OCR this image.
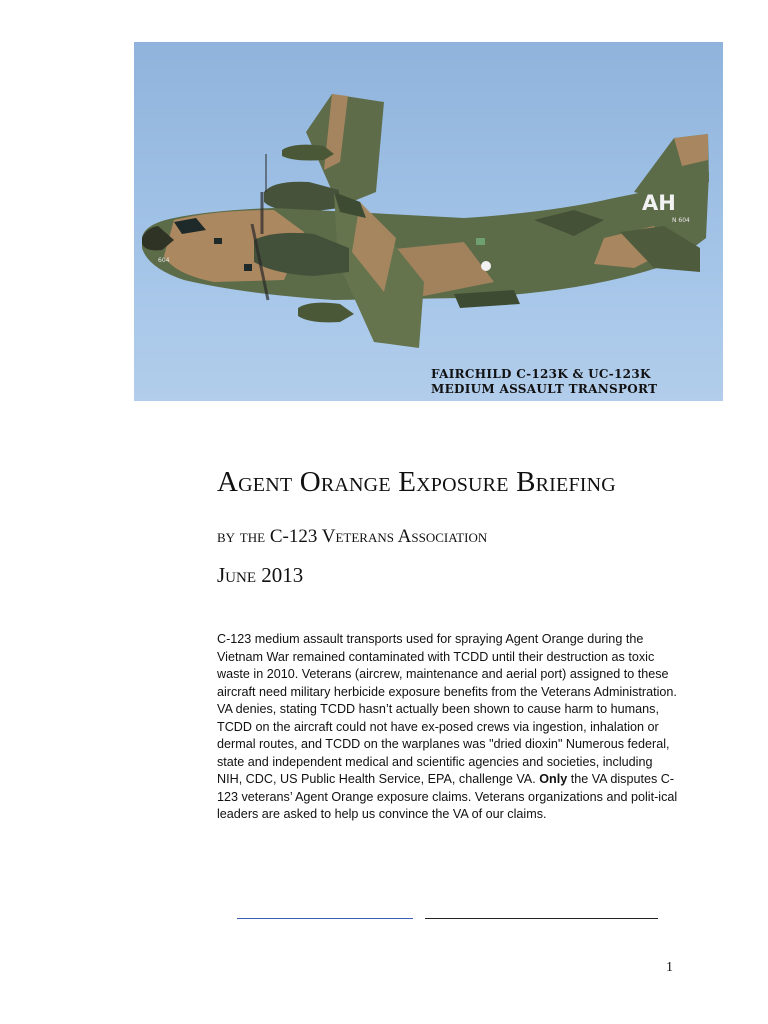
AH
N 604
604
FAIRCHILD C-123K & UC-123K
MEDIUM ASSAULT TRANSPORT
Agent Orange Exposure Briefing

by the C-123 Veterans Association

June 2013

C-123 medium assault transports used for spraying Agent Orange during the Vietnam War remained contaminated with TCDD until their destruction as toxic waste in 2010. Veterans (aircrew, maintenance and aerial port) assigned to these aircraft need military herbicide exposure benefits from the Veterans Administration. VA denies, stating TCDD hasn’t actually been shown to cause harm to humans, TCDD on the aircraft could not have ex-posed crews via ingestion, inhalation or dermal routes, and TCDD on the warplanes was "dried dioxin" Numerous federal, state and independent medical and scientific agencies and societies, including NIH, CDC, US Public Health Service, EPA, challenge VA. Only the VA disputes C-123 veterans’ Agent Orange exposure claims. Veterans organizations and polit-ical leaders are asked to help us convince the VA of our claims.

1
